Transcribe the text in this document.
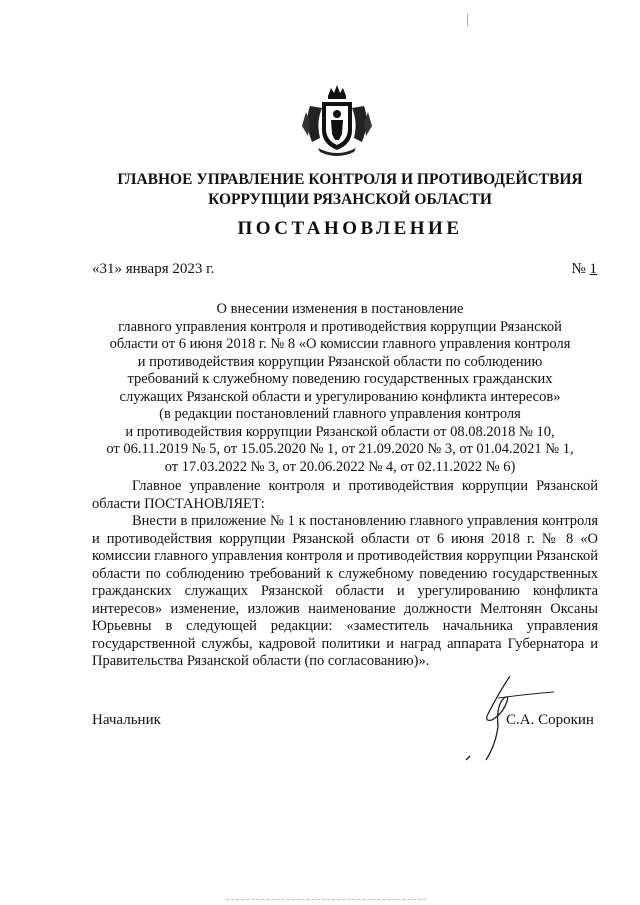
ГЛАВНОЕ УПРАВЛЕНИЕ КОНТРОЛЯ И ПРОТИВОДЕЙСТВИЯ
КОРРУПЦИИ РЯЗАНСКОЙ ОБЛАСТИ
ПОСТАНОВЛЕНИЕ
«31» января 2023 г.	№ 1
О внесении изменения в постановление
главного управления контроля и противодействия коррупции Рязанской
области от 6 июня 2018 г. № 8 «О комиссии главного управления контроля
и противодействия коррупции Рязанской области по соблюдению
требований к служебному поведению государственных гражданских
служащих Рязанской области и урегулированию конфликта интересов»
(в редакции постановлений главного управления контроля
и противодействия коррупции Рязанской области от 08.08.2018 № 10,
от 06.11.2019 № 5, от 15.05.2020 № 1, от 21.09.2020 № 3, от 01.04.2021 № 1,
от 17.03.2022 № 3, от 20.06.2022 № 4, от 02.11.2022 № 6)

Главное управление контроля и противодействия коррупции Рязанской области ПОСТАНОВЛЯЕТ:

Внести в приложение № 1 к постановлению главного управления контроля и противодействия коррупции Рязанской области от 6 июня 2018 г. № 8 «О комиссии главного управления контроля и противодействия коррупции Рязанской области по соблюдению требований к служебному поведению государственных гражданских служащих Рязанской области и урегулированию конфликта интересов» изменение, изложив наименование должности Мелтонян Оксаны Юрьевны в следующей редакции: «заместитель начальника управления государственной службы, кадровой политики и наград аппарата Губернатора и Правительства Рязанской области (по согласованию)».

Начальник	С.А. Сорокин
